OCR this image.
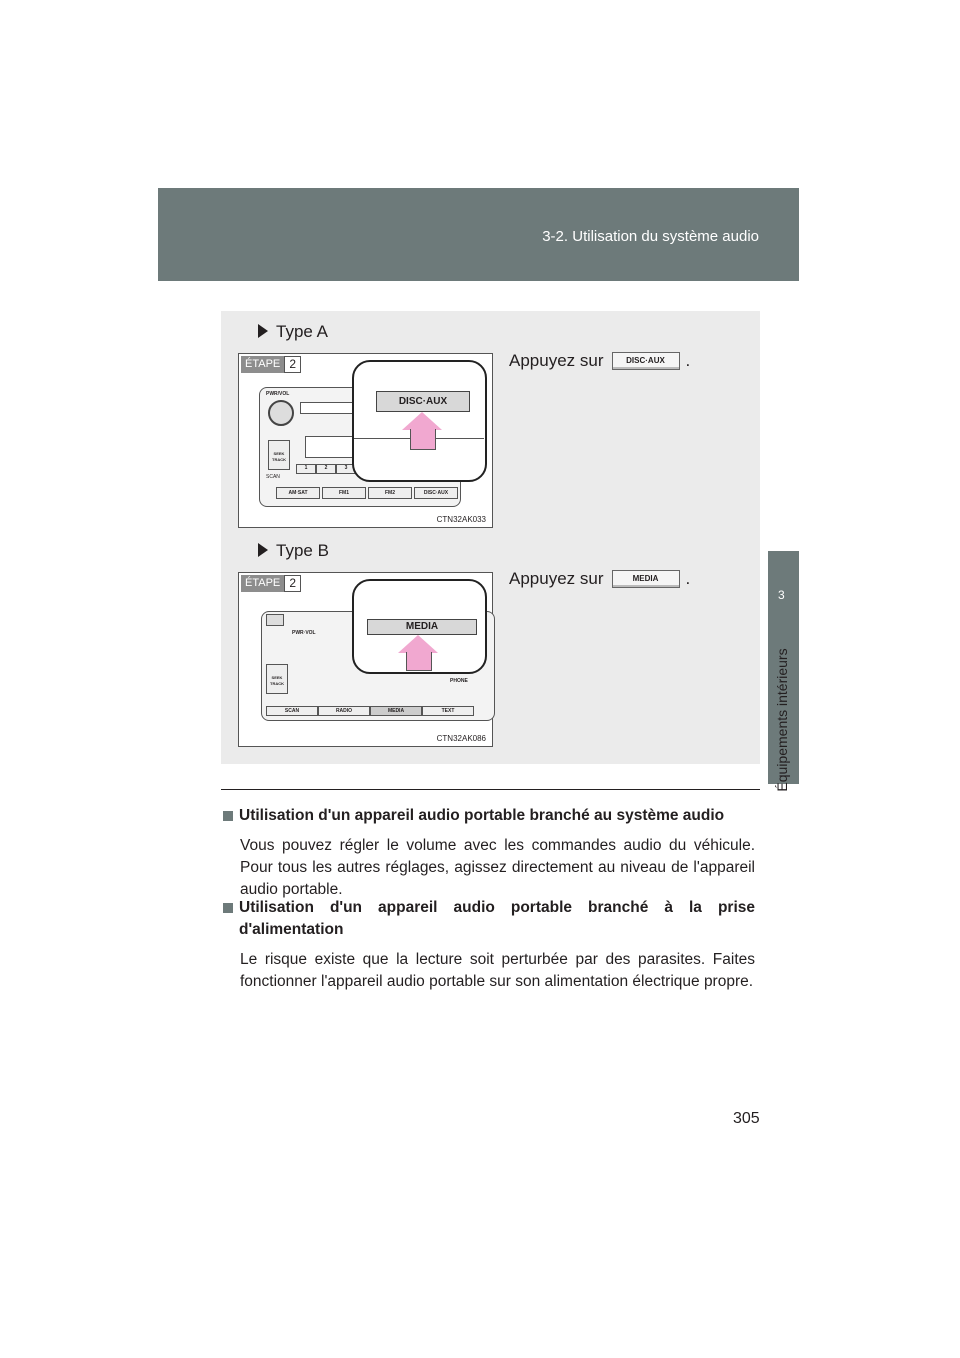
3-2. Utilisation du système audio
3
Équipements intérieurs
Type A
ÉTAPE 2
PWR/VOL
SEEK
TRACK
SCAN
1	2	3
AM·SAT	FM1	FM2	DISC·AUX
DISC·AUX
CTN32AK033
Appuyez sur	DISC·AUX	.
Type B
ÉTAPE 2
PWR·VOL
SEEK
TRACK	PHONE
SCAN	RADIO	MEDIA	TEXT
MEDIA
CTN32AK086
Appuyez sur	MEDIA	.
Utilisation d'un appareil audio portable branché au système audio
Vous pouvez régler le volume avec les commandes audio du véhicule. Pour tous les autres réglages, agissez directement au niveau de l'appareil audio portable.
Utilisation d'un appareil audio portable branché à la prise d'alimentation
Le risque existe que la lecture soit perturbée par des parasites. Faites fonctionner l'appareil audio portable sur son alimentation électrique propre.
305
